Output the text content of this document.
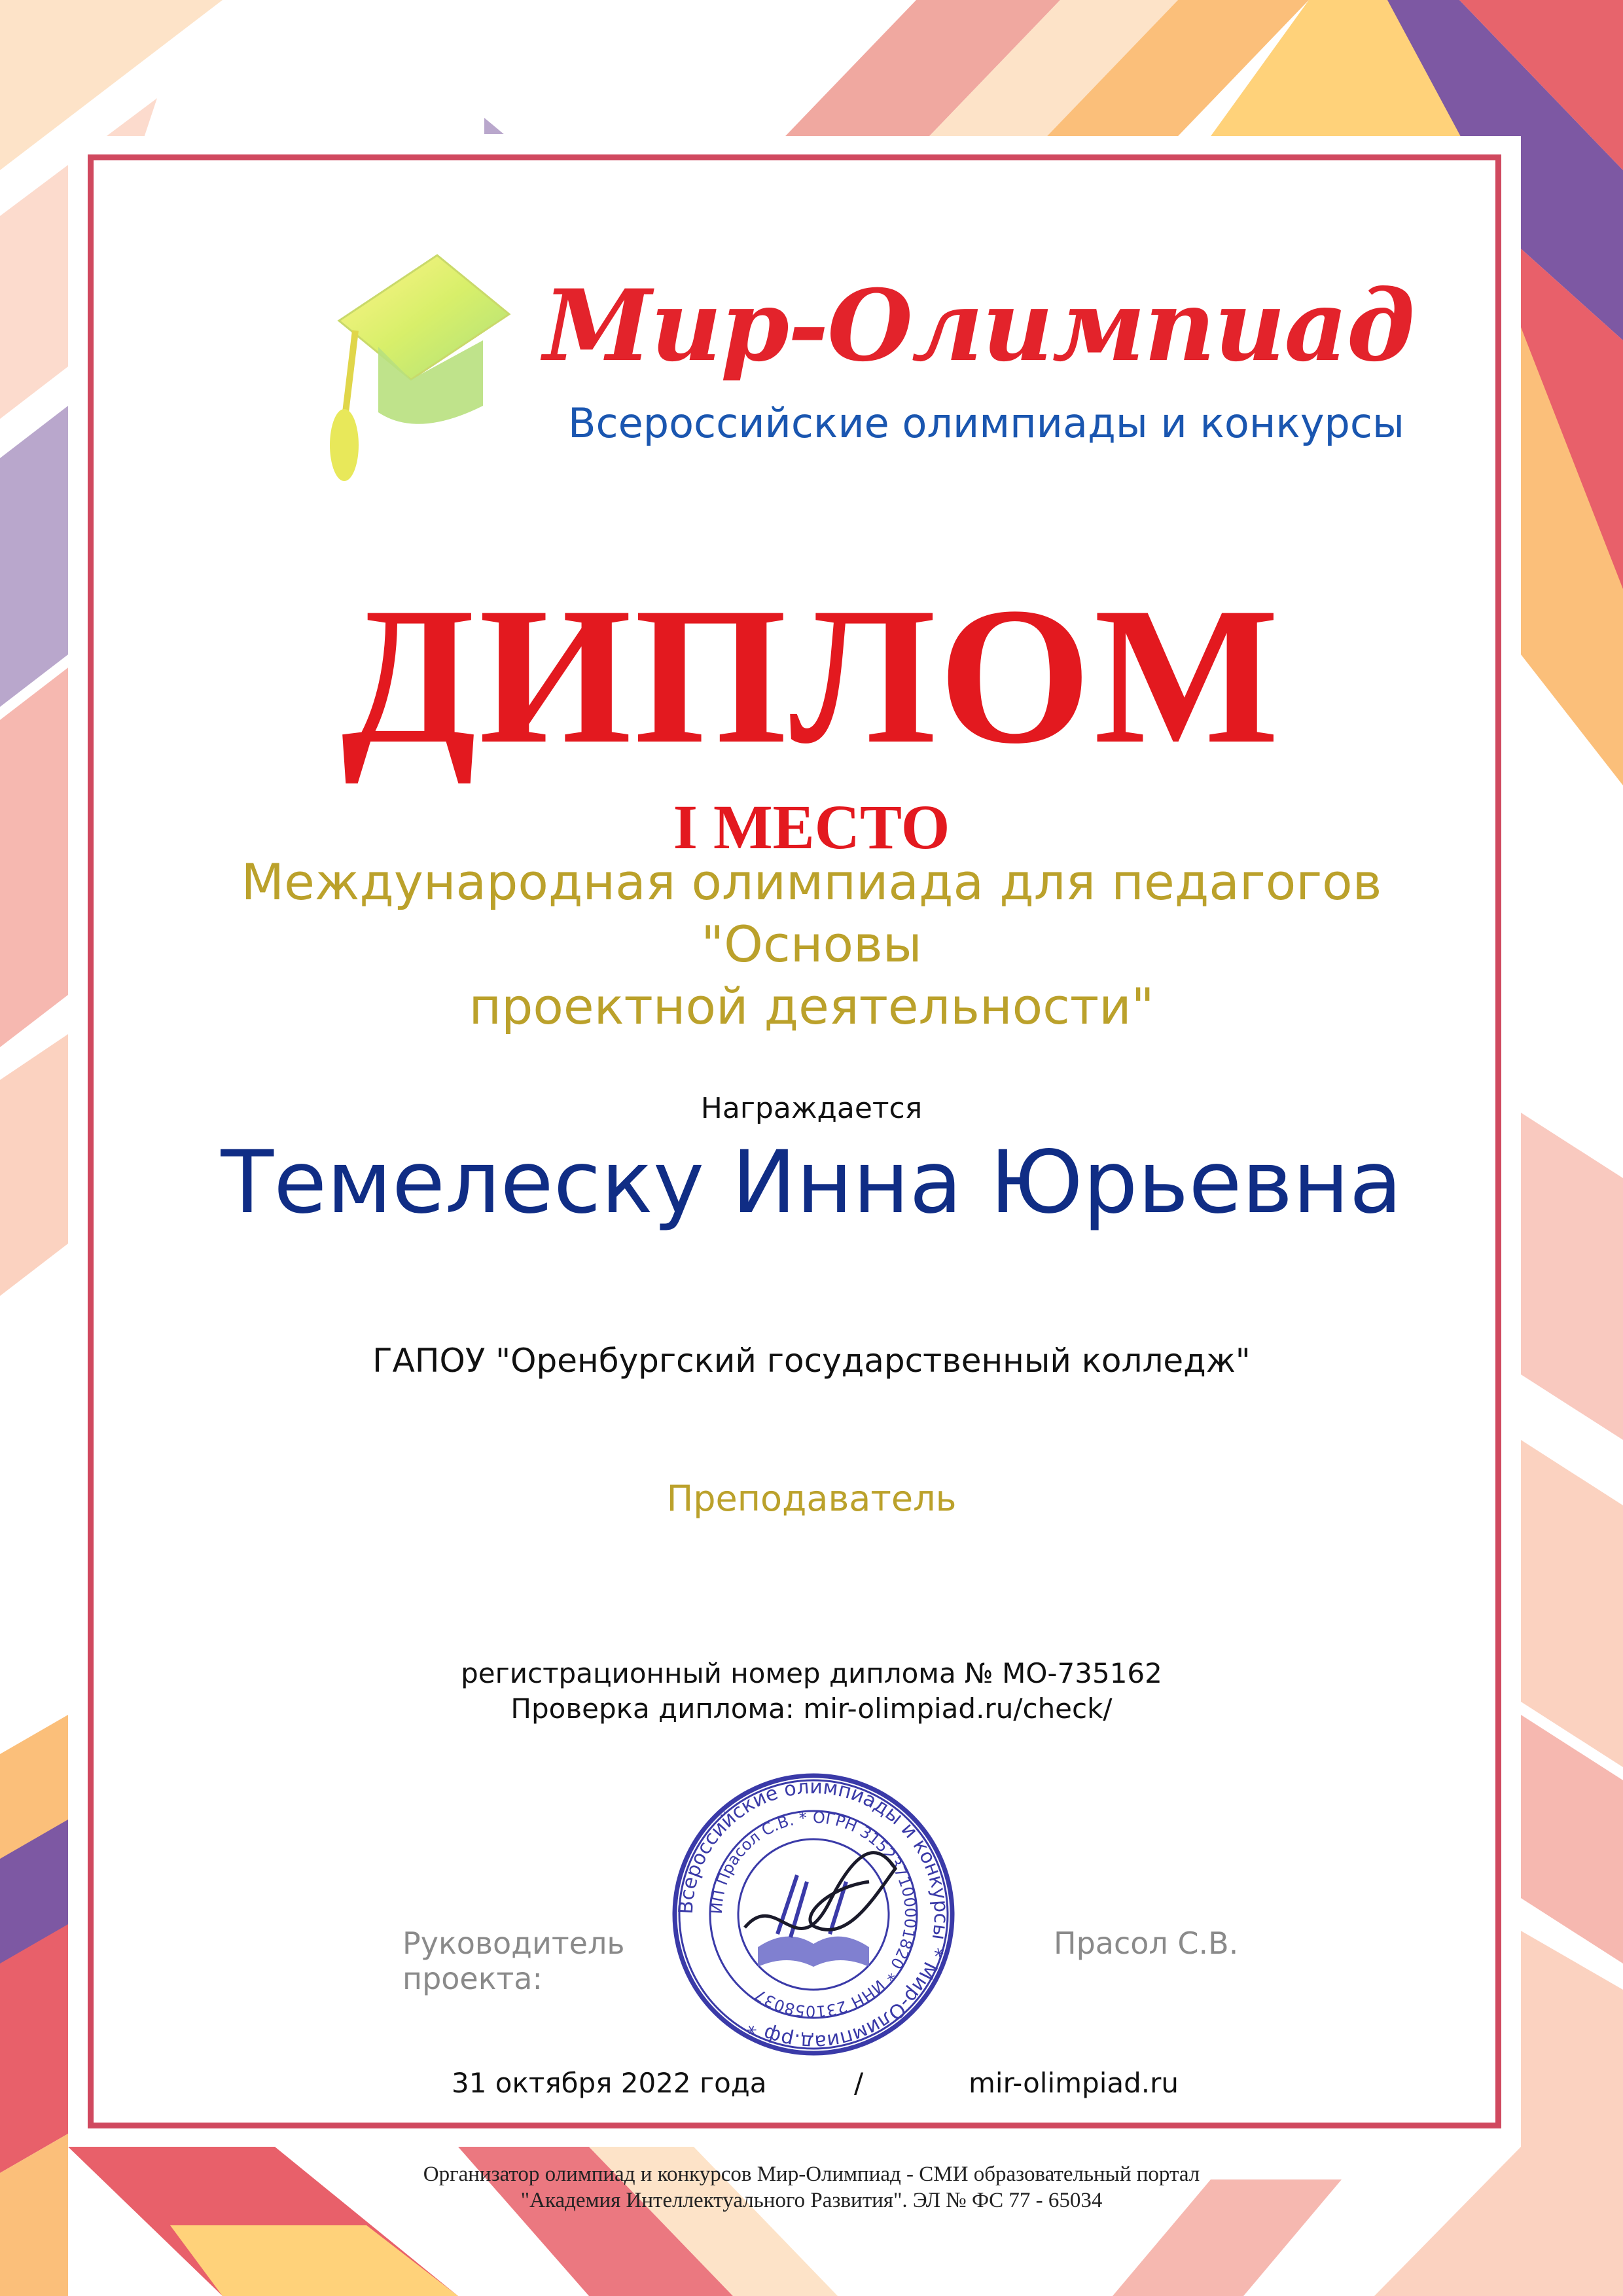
Мир-Олимпиад
Всероссийские олимпиады и конкурсы
ДИПЛОМ
I МЕСТО
Международная олимпиада для педагогов "Основы
проектной деятельности"
Награждается
Темелеску Инна Юрьевна
ГАПОУ "Оренбургский государственный колледж"
Преподаватель
регистрационный номер диплома № МО-735162
Проверка диплома: mir-olimpiad.ru/check/
Руководитель
проекта:
Прасол С.В.
Всероссийские олимпиады и конкурсы * Мир-Олимпиад.рф *
ИП Прасол С.В. * ОГРН 315237100001820 * ИНН 231058037
31 октября 2022 года	/	mir-olimpiad.ru
Организатор олимпиад и конкурсов Мир-Олимпиад - СМИ образовательный портал
"Академия Интеллектуального Развития". ЭЛ № ФС 77 - 65034
